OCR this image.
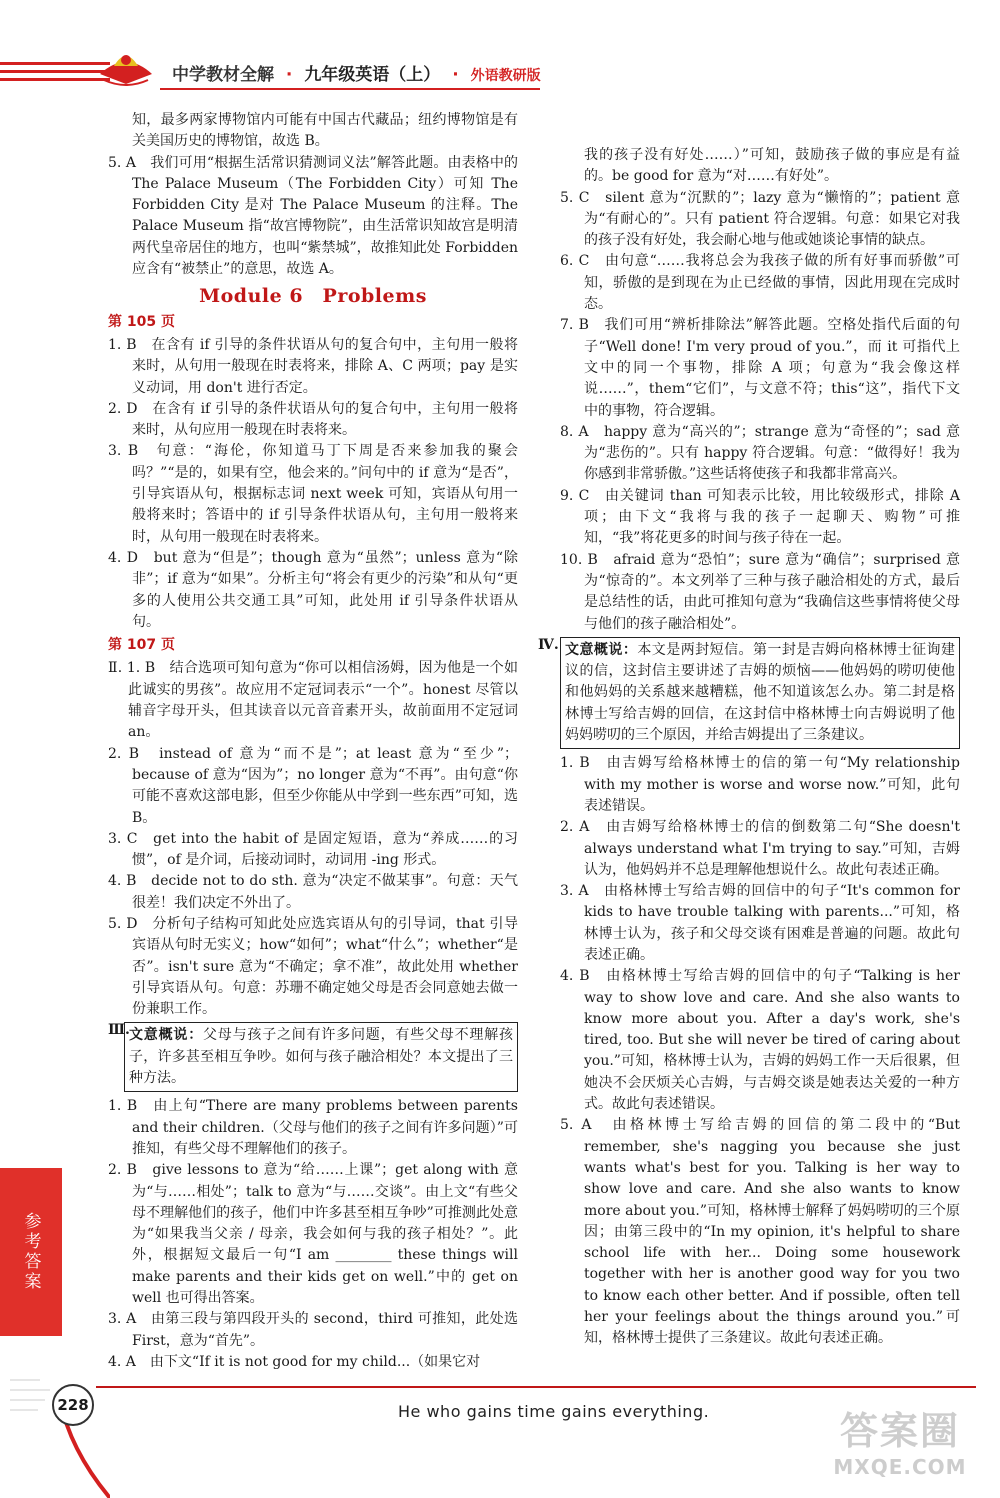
中学教材全解 · 九年级英语（上） · 外语教研版

知，最多两家博物馆内可能有中国古代藏品；纽约博物馆是有关美国历史的博物馆，故选 B。

5. A　我们可用“根据生活常识猜测词义法”解答此题。由表格中的 The Palace Museum（The Forbidden City）可知 The Forbidden City 是对 The Palace Museum 的注释。The Palace Museum 指“故宫博物院”，由生活常识知故宫是明清两代皇帝居住的地方，也叫“紫禁城”，故推知此处 Forbidden 应含有“被禁止”的意思，故选 A。

Module 6　Problems
第 105 页

1. B　在含有 if 引导的条件状语从句的复合句中，主句用一般将来时，从句用一般现在时表将来，排除 A、C 两项；pay 是实义动词，用 don't 进行否定。

2. D　在含有 if 引导的条件状语从句的复合句中，主句用一般将来时，从句应用一般现在时表将来。

3. B　句意：“海伦，你知道马丁下周是否来参加我的聚会吗？”“是的，如果有空，他会来的。”问句中的 if 意为“是否”，引导宾语从句，根据标志词 next week 可知，宾语从句用一般将来时；答语中的 if 引导条件状语从句，主句用一般将来时，从句用一般现在时表将来。

4. D　but 意为“但是”；though 意为“虽然”；unless 意为“除非”；if 意为“如果”。分析主句“将会有更少的污染”和从句“更多的人使用公共交通工具”可知，此处用 if 引导条件状语从句。

第 107 页

Ⅱ. 1. B　结合选项可知句意为“你可以相信汤姆，因为他是一个如此诚实的男孩”。故应用不定冠词表示“一个”。honest 尽管以辅音字母开头，但其读音以元音音素开头，故前面用不定冠词 an。

2. B　instead of 意为“而不是”；at least 意为“至少”；because of 意为“因为”；no longer 意为“不再”。由句意“你可能不喜欢这部电影，但至少你能从中学到一些东西”可知，选 B。

3. C　get into the habit of 是固定短语，意为“养成……的习惯”，of 是介词，后接动词时，动词用 -ing 形式。

4. B　decide not to do sth. 意为“决定不做某事”。句意：天气很差！我们决定不外出了。

5. D　分析句子结构可知此处应选宾语从句的引导词，that 引导宾语从句时无实义；how“如何”；what“什么”；whether“是否”。isn't sure 意为“不确定；拿不准”，故此处用 whether 引导宾语从句。句意：苏珊不确定她父母是否会同意她去做一份兼职工作。

Ⅲ. 文意概说：父母与孩子之间有许多问题，有些父母不理解孩子，许多甚至相互争吵。如何与孩子融洽相处？本文提出了三种方法。

1. B　由上句“There are many problems between parents and their children.（父母与他们的孩子之间有许多问题）”可推知，有些父母不理解他们的孩子。

2. B　give lessons to 意为“给……上课”；get along with 意为“与……相处”；talk to 意为“与……交谈”。由上文“有些父母不理解他们的孩子，他们中许多甚至相互争吵”可推测此处意为“如果我当父亲 / 母亲，我会如何与我的孩子相处？”。此外，根据短文最后一句“I am ________ these things will make parents and their kids get on well.”中的 get on well 也可得出答案。

3. A　由第三段与第四段开头的 second，third 可推知，此处选 First，意为“首先”。

4. A　由下文“If it is not good for my child...（如果它对

我的孩子没有好处……）”可知，鼓励孩子做的事应是有益的。be good for 意为“对……有好处”。

5. C　silent 意为“沉默的”；lazy 意为“懒惰的”；patient 意为“有耐心的”。只有 patient 符合逻辑。句意：如果它对我的孩子没有好处，我会耐心地与他或她谈论事情的缺点。

6. C　由句意“……我将总会为我孩子做的所有好事而骄傲”可知，骄傲的是到现在为止已经做的事情，因此用现在完成时态。

7. B　我们可用“辨析排除法”解答此题。空格处指代后面的句子“Well done! I'm very proud of you.”，而 it 可指代上文中的同一个事物，排除 A 项；句意为“我会像这样说……”，them“它们”，与文意不符；this“这”，指代下文中的事物，符合逻辑。

8. A　happy 意为“高兴的”；strange 意为“奇怪的”；sad 意为“悲伤的”。只有 happy 符合逻辑。句意：“做得好！我为你感到非常骄傲。”这些话将使孩子和我都非常高兴。

9. C　由关键词 than 可知表示比较，用比较级形式，排除 A 项；由下文“我将与我的孩子一起聊天、购物”可推知，“我”将花更多的时间与孩子待在一起。

10. B　afraid 意为“恐怕”；sure 意为“确信”；surprised 意为“惊奇的”。本文列举了三种与孩子融洽相处的方式，最后是总结性的话，由此可推知句意为“我确信这些事情将使父母与他们的孩子融洽相处”。

Ⅳ. 文意概说：本文是两封短信。第一封是吉姆向格林博士征询建议的信，这封信主要讲述了吉姆的烦恼——他妈妈的唠叨使他和他妈妈的关系越来越糟糕，他不知道该怎么办。第二封是格林博士写给吉姆的回信，在这封信中格林博士向吉姆说明了他妈妈唠叨的三个原因，并给吉姆提出了三条建议。

1. B　由吉姆写给格林博士的信的第一句“My relationship with my mother is worse and worse now.”可知，此句表述错误。

2. A　由吉姆写给格林博士的信的倒数第二句“She doesn't always understand what I'm trying to say.”可知，吉姆认为，他妈妈并不总是理解他想说什么。故此句表述正确。

3. A　由格林博士写给吉姆的回信中的句子“It's common for kids to have trouble talking with parents...”可知，格林博士认为，孩子和父母交谈有困难是普遍的问题。故此句表述正确。

4. B　由格林博士写给吉姆的回信中的句子“Talking is her way to show love and care. And she also wants to know more about you. After a day's work, she's tired, too. But she will never be tired of caring about you.”可知，格林博士认为，吉姆的妈妈工作一天后很累，但她决不会厌烦关心吉姆，与吉姆交谈是她表达关爱的一种方式。故此句表述错误。

5. A　由格林博士写给吉姆的回信的第二段中的“But remember, she's nagging you because she just wants what's best for you. Talking is her way to show love and care. And she also wants to know more about you.”可知，格林博士解释了妈妈唠叨的三个原因；由第三段中的“In my opinion, it's helpful to share school life with her... Doing some housework together with her is another good way for you two to know each other better. And if possible, often tell her your feelings about the things around you.”可知，格林博士提供了三条建议。故此句表述正确。

参考答案
228	He who gains time gains everything.	答案圈
MXQE.COM
